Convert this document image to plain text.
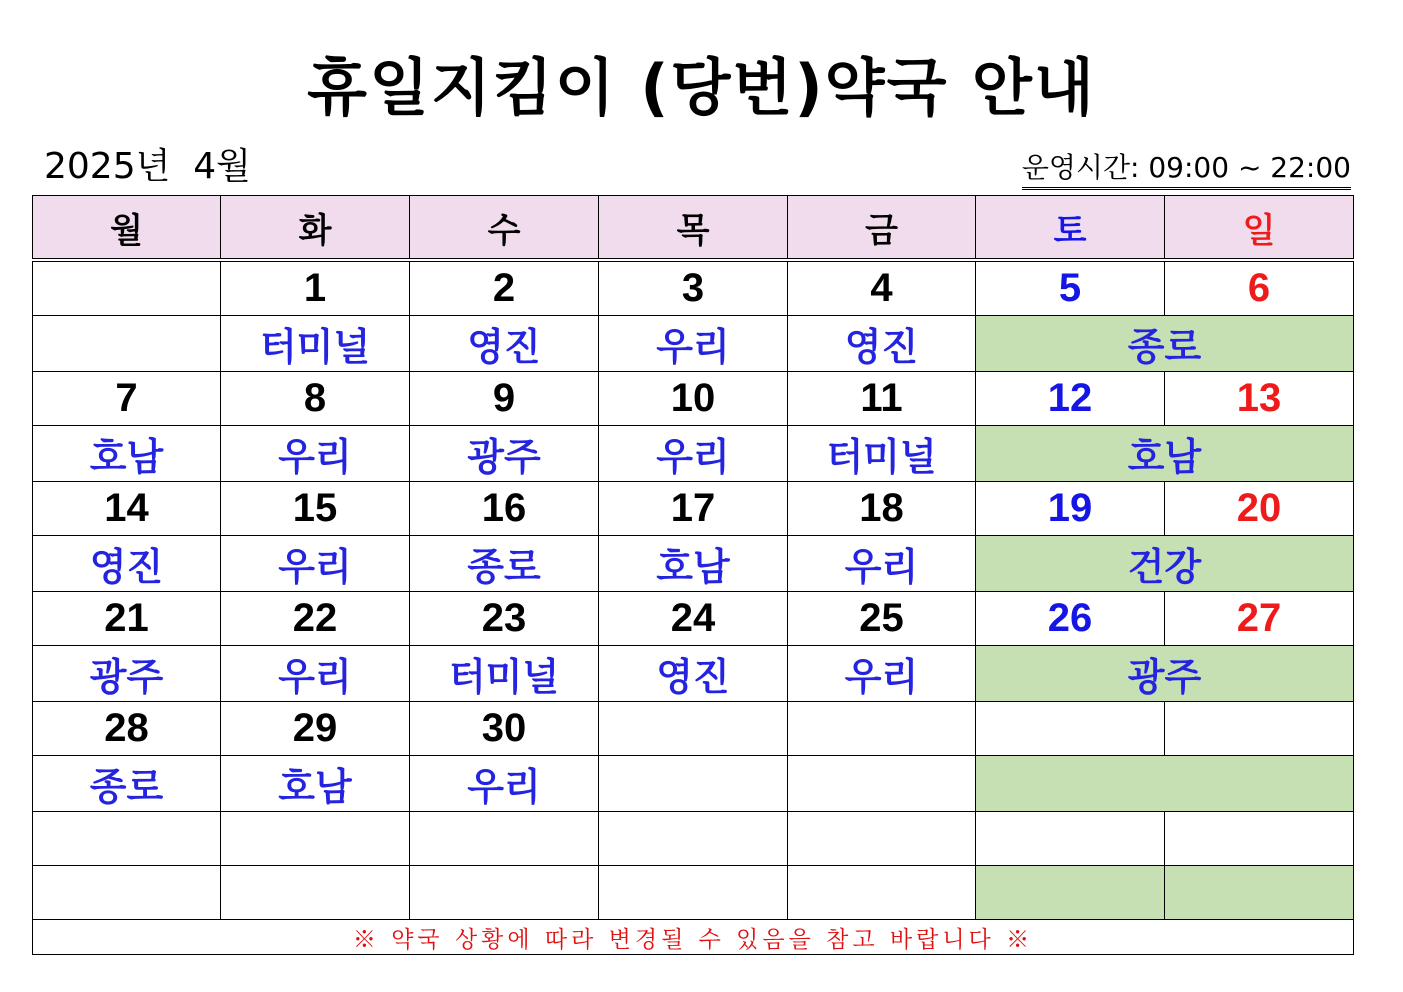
휴일지킴이 (당번)약국 안내
2025년  4월	운영시간: 09:00 ~ 22:00
월	화	수	목	금	토	일
	1	2	3	4	5	6
	터미널	영진	우리	영진	종로	
7	8	9	10	11	12	13
호남	우리	광주	우리	터미널	호남	
14	15	16	17	18	19	20
영진	우리	종로	호남	우리	건강	
21	22	23	24	25	26	27
광주	우리	터미널	영진	우리	광주	
28	29	30				
종로	호남	우리				

※ 약국 상황에 따라 변경될 수 있음을 참고 바랍니다 ※						
